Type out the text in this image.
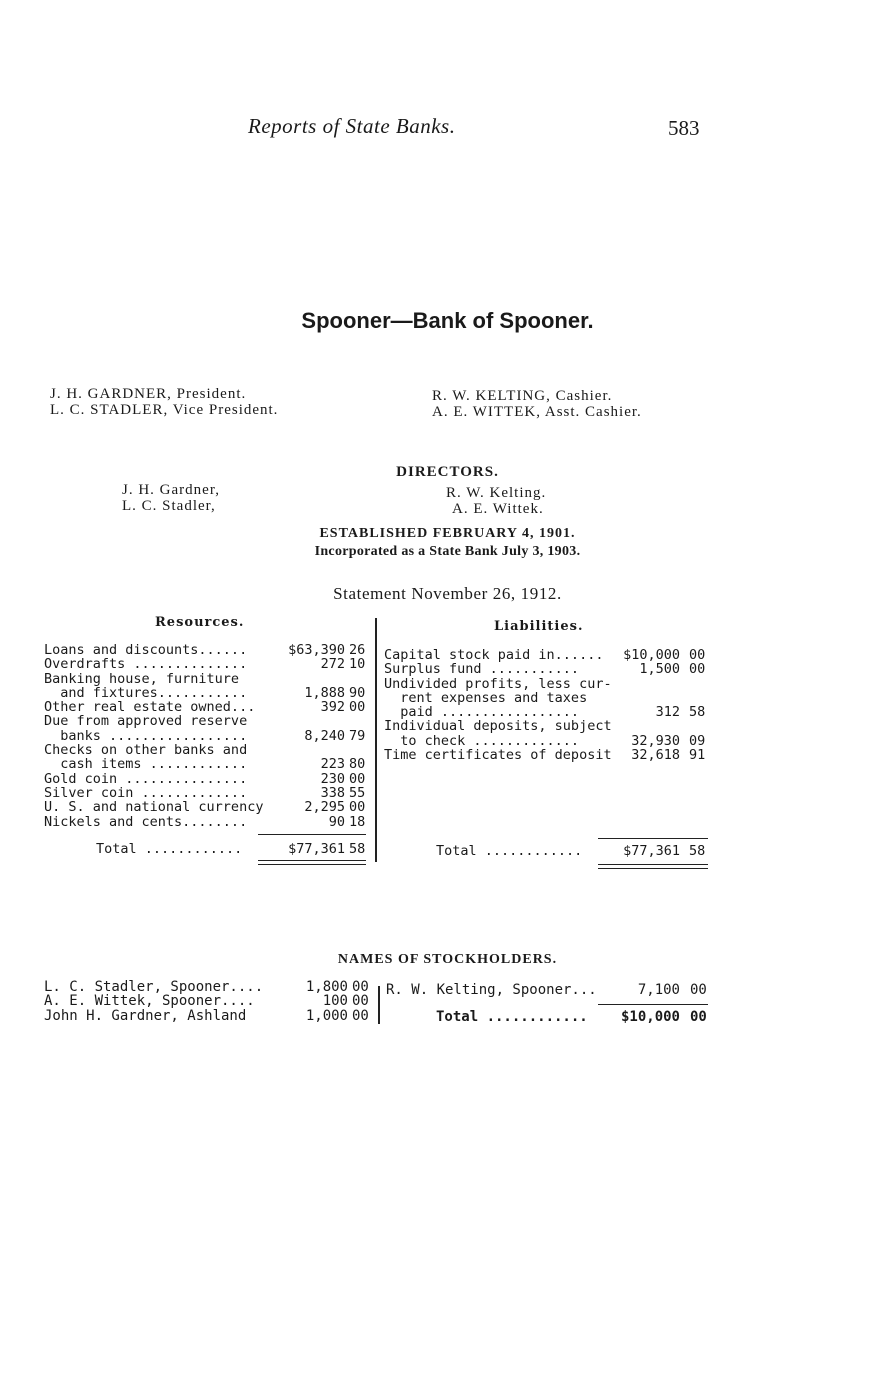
Reports of State Banks.	583
Spooner—Bank of Spooner.
J. H. GARDNER, President.
L. C. STADLER, Vice President.
R. W. KELTING, Cashier.
A. E. WITTEK, Asst. Cashier.
DIRECTORS.
J. H. Gardner,
L. C. Stadler,
R. W. Kelting.
A. E. Wittek.
ESTABLISHED FEBRUARY 4, 1901.
Incorporated as a State Bank July 3, 1903.
Statement November 26, 1912.
Resources.	Liabilities.
Loans and discounts......	$63,390 26
Overdrafts ..............	272 10
Banking house, furniture
and fixtures...........	1,888 90
Other real estate owned...	392 00
Due from approved reserve
banks .................	8,240 79
Checks on other banks and
cash items ............	223 80
Gold coin ...............	230 00
Silver coin .............	338 55
U. S. and national currency	2,295 00
Nickels and cents........	90 18
Total ............	$77,361 58
Capital stock paid in...... $10,000 00
Surplus fund ...........	1,500 00
Undivided profits, less cur-
rent expenses and taxes
paid .................	312 58
Individual deposits, subject
to check .............	32,930 09
Time certificates of deposit 32,618 91
Total ............	$77,361 58
NAMES OF STOCKHOLDERS.
L. C. Stadler, Spooner....	1,800 00
A. E. Wittek, Spooner....	100 00
John H. Gardner, Ashland	1,000 00
R. W. Kelting, Spooner...	7,100 00
Total ............ $10,000 00
